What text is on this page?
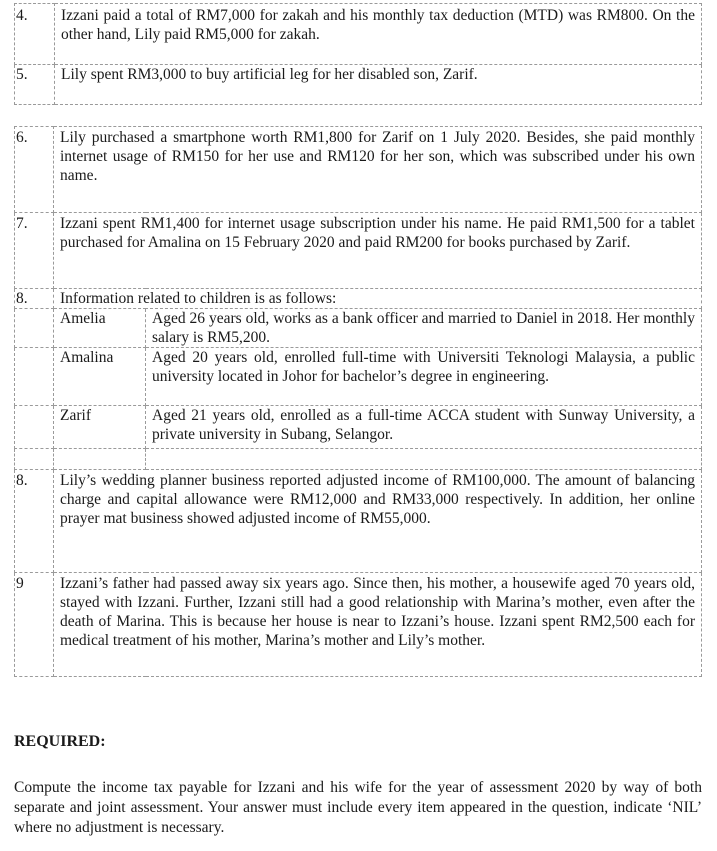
4.	Izzani paid a total of RM7,000 for zakah and his monthly tax deduction (MTD) was RM800. On the other hand, Lily paid RM5,000 for zakah.
5.	Lily spent RM3,000 to buy artificial leg for her disabled son, Zarif.
6.	Lily purchased a smartphone worth RM1,800 for Zarif on 1 July 2020. Besides, she paid monthly internet usage of RM150 for her use and RM120 for her son, which was subscribed under his own name.	
7.	Izzani spent RM1,400 for internet usage subscription under his name. He paid RM1,500 for a tablet purchased for Amalina on 15 February 2020 and paid RM200 for books purchased by Zarif.	
8.	Information related to children is as follows:	
	Amelia	Aged 26 years old, works as a bank officer and married to Daniel in 2018. Her monthly salary is RM5,200.
	Amalina	Aged 20 years old, enrolled full-time with Universiti Teknologi Malaysia, a public university located in Johor for bachelor’s degree in engineering.
	Zarif	Aged 21 years old, enrolled as a full-time ACCA student with Sunway University, a private university in Subang, Selangor.

8.	Lily’s wedding planner business reported adjusted income of RM100,000. The amount of balancing charge and capital allowance were RM12,000 and RM33,000 respectively. In addition, her online prayer mat business showed adjusted income of RM55,000.	
9	Izzani’s father had passed away six years ago. Since then, his mother, a housewife aged 70 years old, stayed with Izzani. Further, Izzani still had a good relationship with Marina’s mother, even after the death of Marina. This is because her house is near to Izzani’s house. Izzani spent RM2,500 each for medical treatment of his mother, Marina’s mother and Lily’s mother.	
REQUIRED:
Compute the income tax payable for Izzani and his wife for the year of assessment 2020 by way of both separate and joint assessment. Your answer must include every item appeared in the question, indicate ‘NIL’ where no adjustment is necessary.
